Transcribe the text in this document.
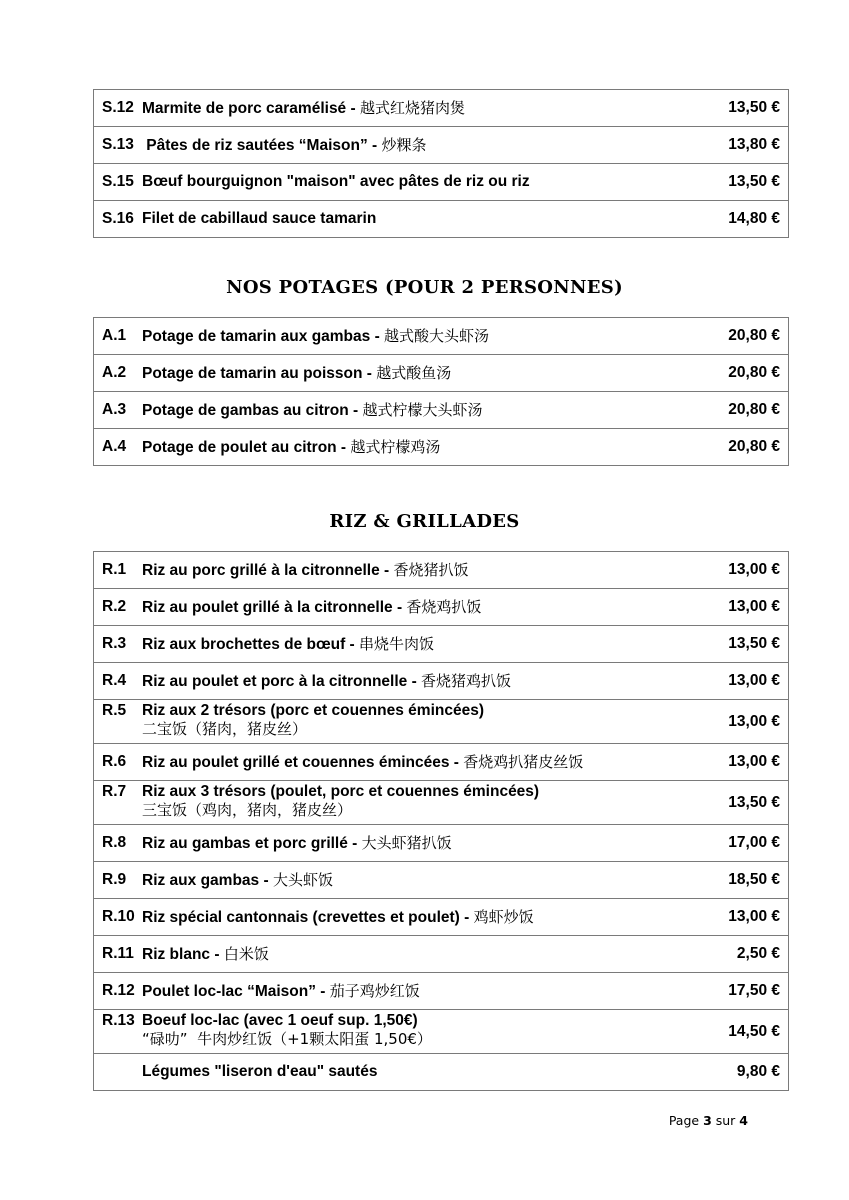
S.12	Marmite de porc caramélisé - 越式红烧猪肉煲	13,50 €
S.13	Pâtes de riz sautées “Maison” - 炒粿条	13,80 €
S.15	Bœuf bourguignon "maison" avec pâtes de riz ou riz	13,50 €
S.16	Filet de cabillaud sauce tamarin	14,80 €
NOS POTAGES (POUR 2 PERSONNES)
A.1	Potage de tamarin aux gambas - 越式酸大头虾汤	20,80 €
A.2	Potage de tamarin au poisson - 越式酸鱼汤	20,80 €
A.3	Potage de gambas au citron - 越式柠檬大头虾汤	20,80 €
A.4	Potage de poulet au citron - 越式柠檬鸡汤	20,80 €
RIZ & GRILLADES
R.1	Riz au porc grillé à la citronnelle - 香烧猪扒饭	13,00 €
R.2	Riz au poulet grillé à la citronnelle - 香烧鸡扒饭	13,00 €
R.3	Riz aux brochettes de bœuf - 串烧牛肉饭	13,50 €
R.4	Riz au poulet et porc à la citronnelle - 香烧猪鸡扒饭	13,00 €
R.5	Riz aux 2 trésors (porc et couennes émincées)
二宝饭（猪肉，猪皮丝）	13,00 €
R.6	Riz au poulet grillé et couennes émincées - 香烧鸡扒猪皮丝饭	13,00 €
R.7	Riz aux 3 trésors (poulet, porc et couennes émincées)
三宝饭（鸡肉，猪肉，猪皮丝）	13,50 €
R.8	Riz au gambas et porc grillé - 大头虾猪扒饭	17,00 €
R.9	Riz aux gambas - 大头虾饭	18,50 €
R.10	Riz spécial cantonnais (crevettes et poulet) - 鸡虾炒饭	13,00 €
R.11	Riz blanc - 白米饭	2,50 €
R.12	Poulet loc-lac “Maison” - 茄子鸡炒红饭	17,50 €
R.13	Boeuf loc-lac (avec 1 oeuf sup. 1,50€)
“碌叻”  牛肉炒红饭（+1颗太阳蛋 1,50€）	14,50 €
	Légumes "liseron d'eau" sautés	9,80 €
Page 3 sur 4
